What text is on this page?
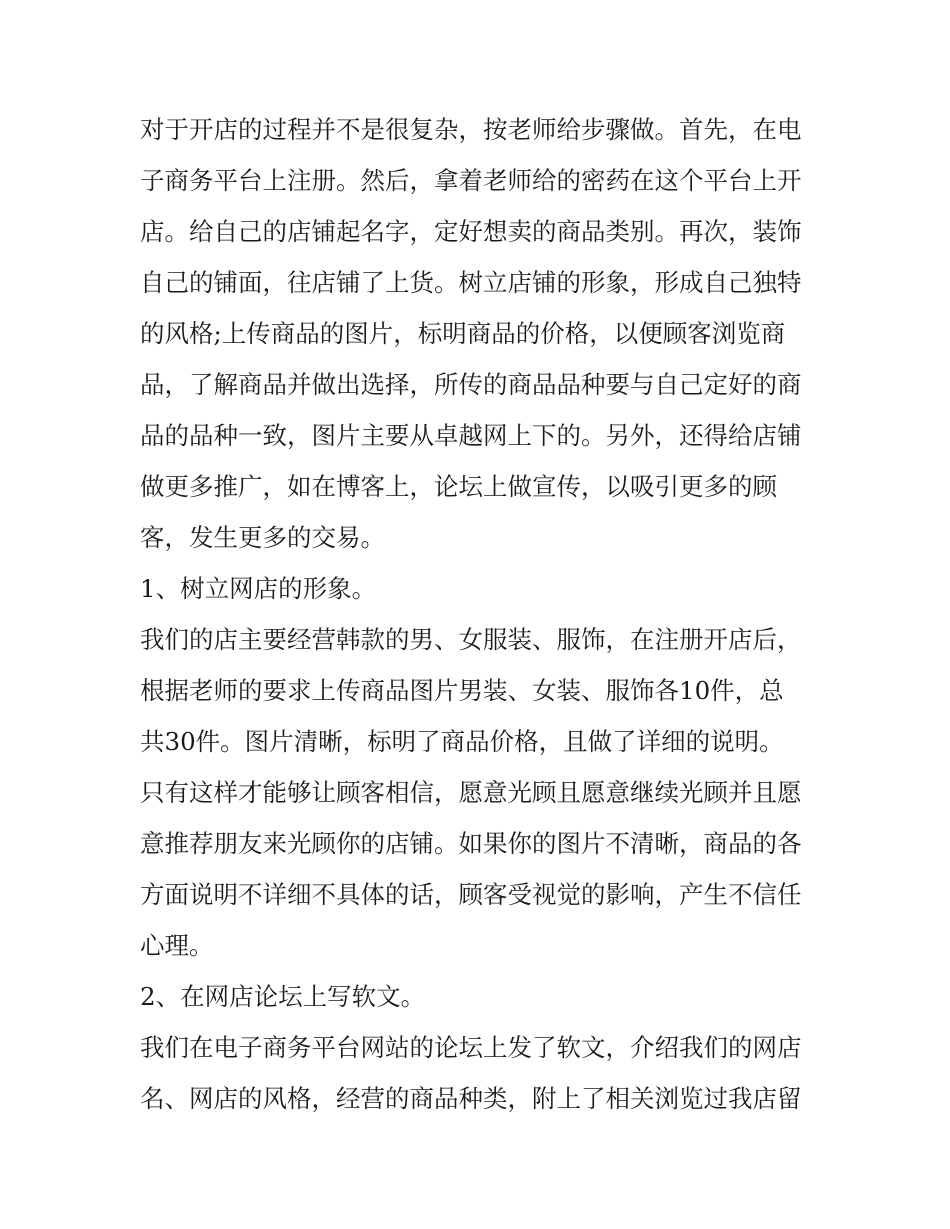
对于开店的过程并不是很复杂，按老师给步骤做。首先，在电

子商务平台上注册。然后，拿着老师给的密药在这个平台上开

店。给自己的店铺起名字，定好想卖的商品类别。再次，装饰

自己的铺面，往店铺了上货。树立店铺的形象，形成自己独特

的风格;上传商品的图片，标明商品的价格，以便顾客浏览商

品，了解商品并做出选择，所传的商品品种要与自己定好的商

品的品种一致，图片主要从卓越网上下的。另外，还得给店铺

做更多推广，如在博客上，论坛上做宣传，以吸引更多的顾

客，发生更多的交易。

1、树立网店的形象。

我们的店主要经营韩款的男、女服装、服饰，在注册开店后，

根据老师的要求上传商品图片男装、女装、服饰各10件，总

共30件。图片清晰，标明了商品价格，且做了详细的说明。

只有这样才能够让顾客相信，愿意光顾且愿意继续光顾并且愿

意推荐朋友来光顾你的店铺。如果你的图片不清晰，商品的各

方面说明不详细不具体的话，顾客受视觉的影响，产生不信任

心理。

2、在网店论坛上写软文。

我们在电子商务平台网站的论坛上发了软文，介绍我们的网店

名、网店的风格，经营的商品种类，附上了相关浏览过我店留
